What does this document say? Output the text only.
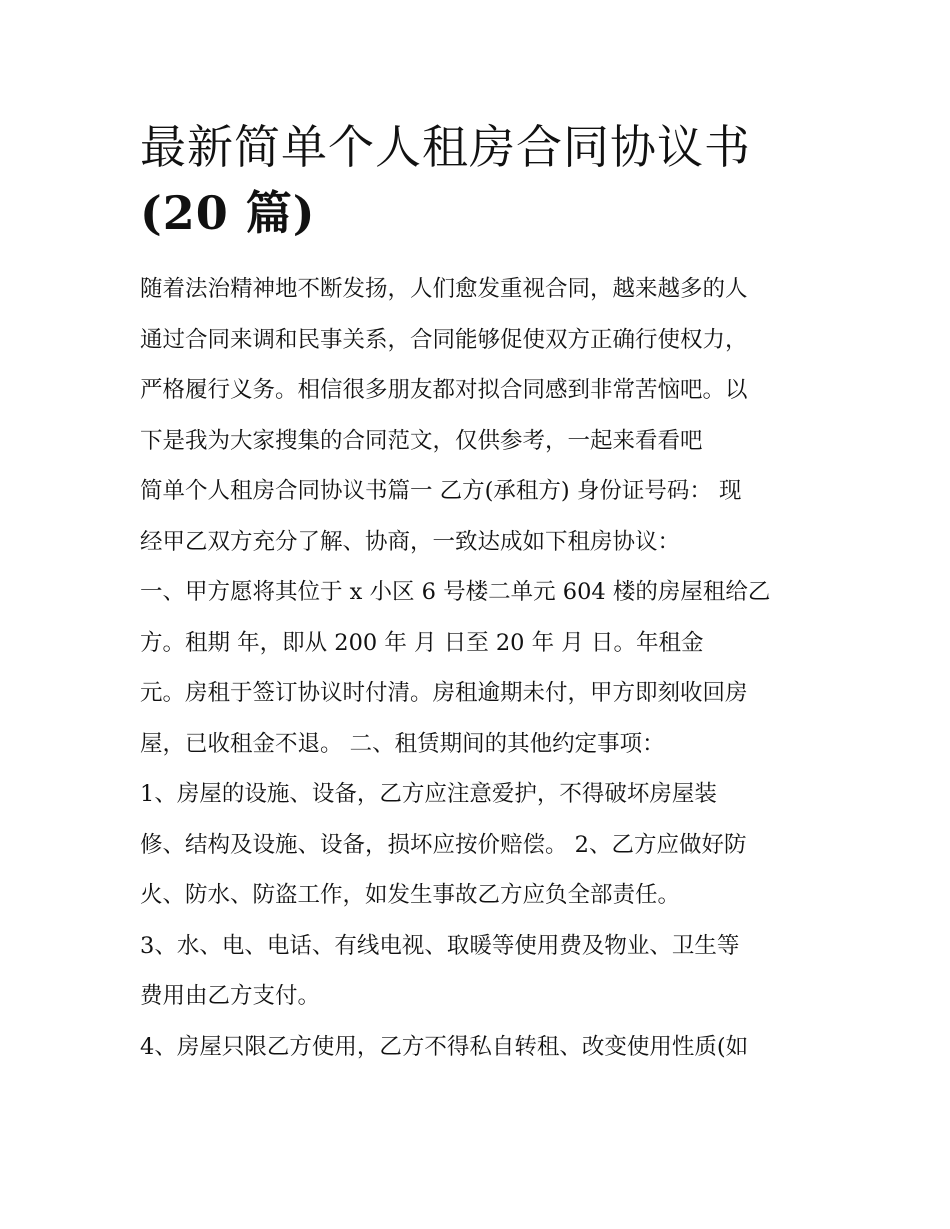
最新简单个人租房合同协议书
(20 篇)
随着法治精神地不断发扬，人们愈发重视合同，越来越多的人
通过合同来调和民事关系，合同能够促使双方正确行使权力，
严格履行义务。相信很多朋友都对拟合同感到非常苦恼吧。以
下是我为大家搜集的合同范文，仅供参考，一起来看看吧
简单个人租房合同协议书篇一 乙方(承租方) 身份证号码： 现
经甲乙双方充分了解、协商，一致达成如下租房协议：
一、甲方愿将其位于 x 小区 6 号楼二单元 604 楼的房屋租给乙
方。租期 年，即从 200 年 月 日至 20 年 月 日。年租金
元。房租于签订协议时付清。房租逾期未付，甲方即刻收回房
屋，已收租金不退。 二、租赁期间的其他约定事项：
1、房屋的设施、设备，乙方应注意爱护，不得破坏房屋装
修、结构及设施、设备，损坏应按价赔偿。 2、乙方应做好防
火、防水、防盗工作，如发生事故乙方应负全部责任。
3、水、电、电话、有线电视、取暖等使用费及物业、卫生等
费用由乙方支付。
4、房屋只限乙方使用，乙方不得私自转租、改变使用性质(如
